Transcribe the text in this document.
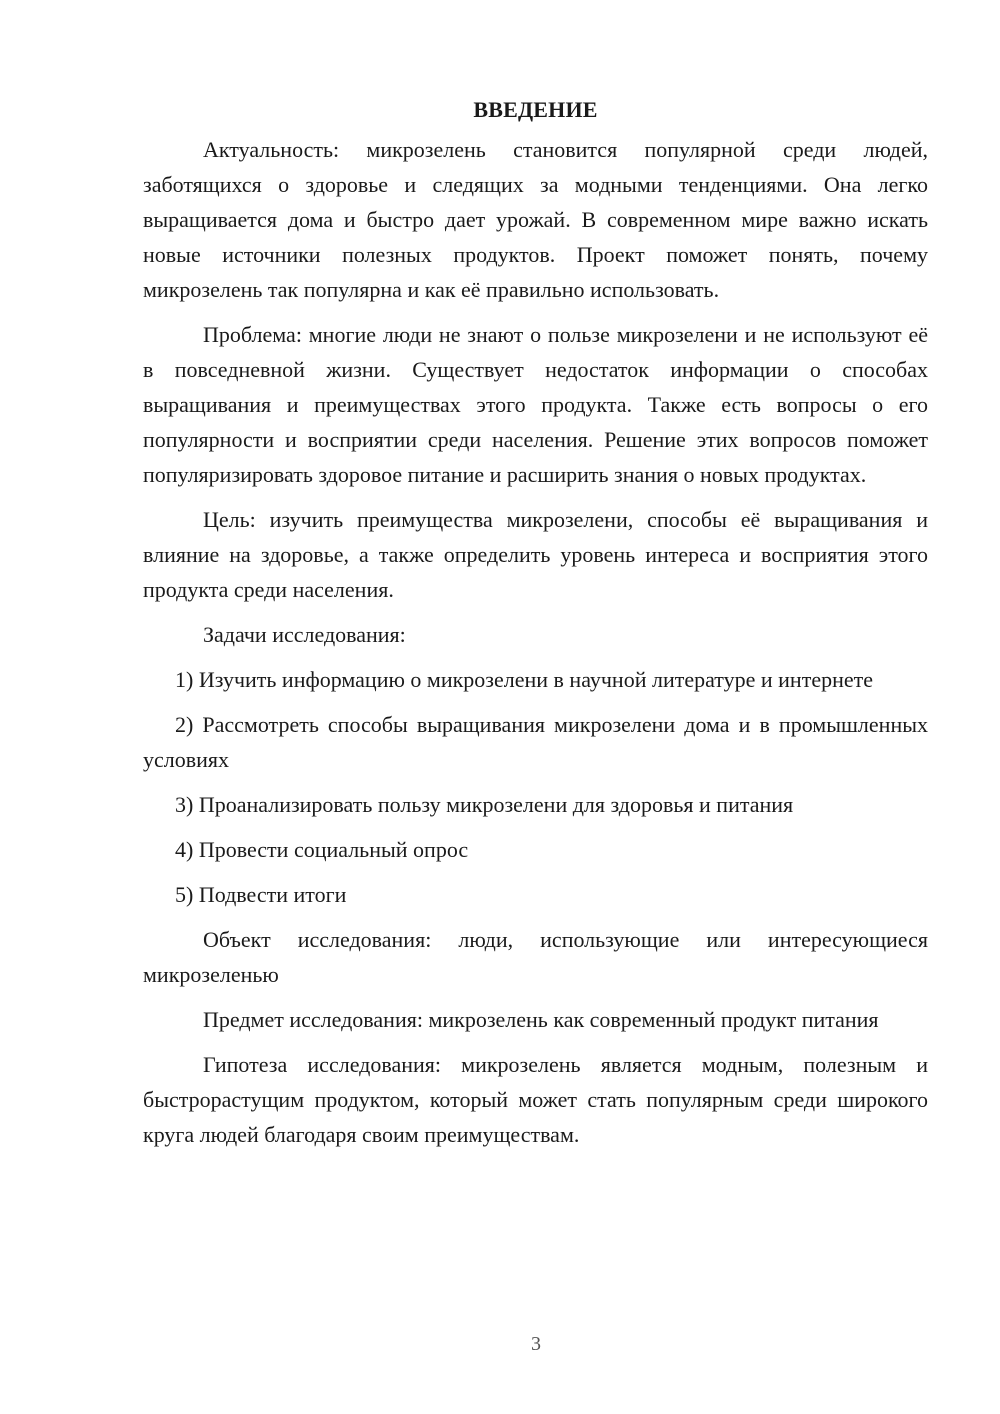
ВВЕДЕНИЕ

Актуальность: микрозелень становится популярной среди людей, заботящихся о здоровье и следящих за модными тенденциями. Она легко выращивается дома и быстро дает урожай. В современном мире важно искать новые источники полезных продуктов. Проект поможет понять, почему микрозелень так популярна и как её правильно использовать.

Проблема: многие люди не знают о пользе микрозелени и не используют её в повседневной жизни. Существует недостаток информации о способах выращивания и преимуществах этого продукта. Также есть вопросы о его популярности и восприятии среди населения. Решение этих вопросов поможет популяризировать здоровое питание и расширить знания о новых продуктах.

Цель: изучить преимущества микрозелени, способы её выращивания и влияние на здоровье, а также определить уровень интереса и восприятия этого продукта среди населения.

Задачи исследования:

1) Изучить информацию о микрозелени в научной литературе и интернете

2) Рассмотреть способы выращивания микрозелени дома и в промышленных условиях

3) Проанализировать пользу микрозелени для здоровья и питания

4) Провести социальный опрос

5) Подвести итоги

Объект исследования: люди, использующие или интересующиеся микрозеленью

Предмет исследования: микрозелень как современный продукт питания

Гипотеза исследования: микрозелень является модным, полезным и быстрорастущим продуктом, который может стать популярным среди широкого круга людей благодаря своим преимуществам.

3
